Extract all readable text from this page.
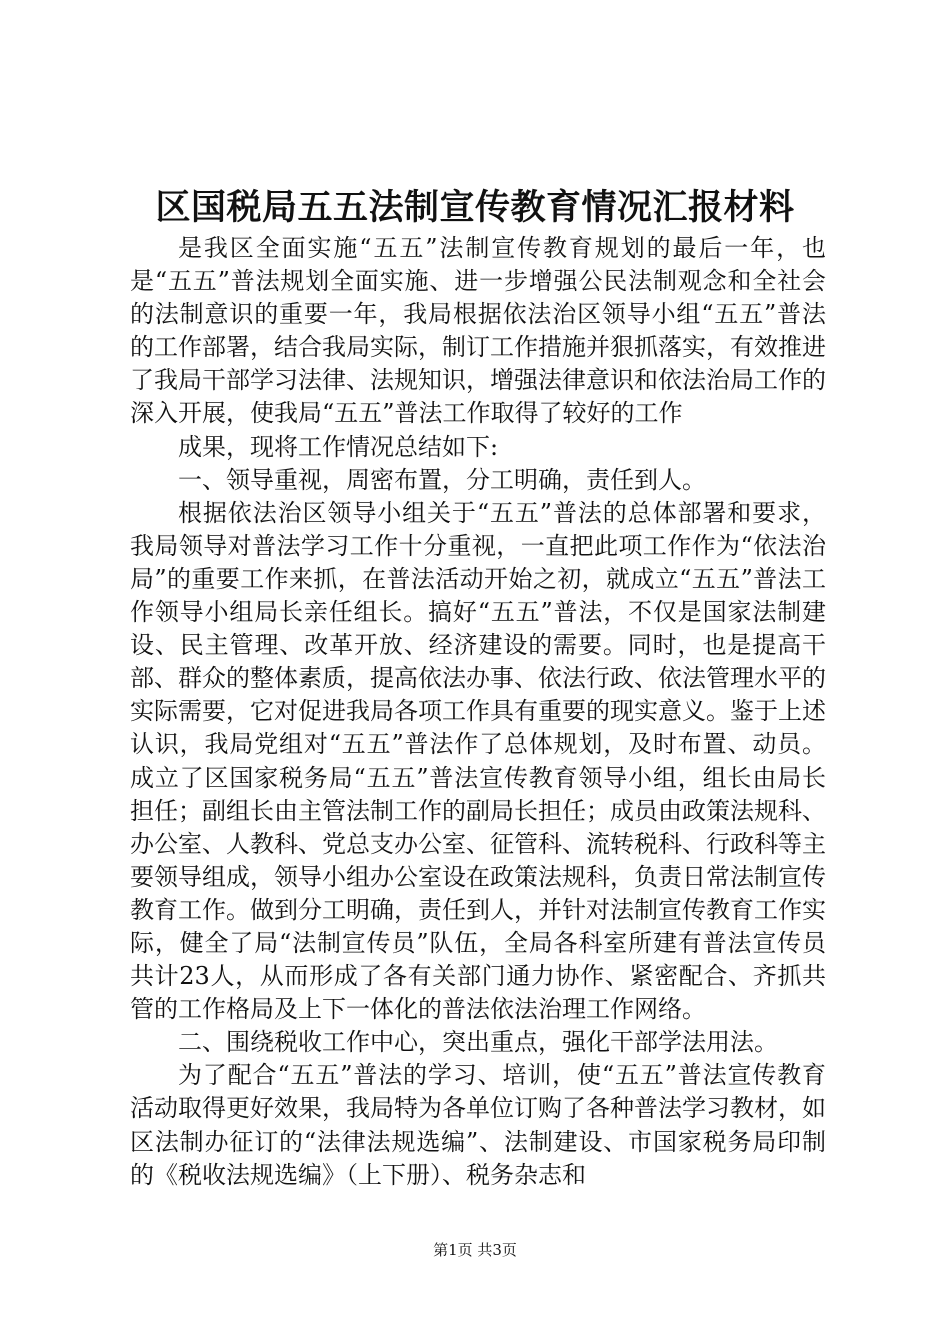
区国税局五五法制宣传教育情况汇报材料

是我区全面实施“五五”法制宣传教育规划的最后一年，也是“五五”普法规划全面实施、进一步增强公民法制观念和全社会的法制意识的重要一年，我局根据依法治区领导小组“五五”普法的工作部署，结合我局实际，制订工作措施并狠抓落实，有效推进了我局干部学习法律、法规知识，增强法律意识和依法治局工作的深入开展，使我局“五五”普法工作取得了较好的工作

成果，现将工作情况总结如下:

一、领导重视，周密布置，分工明确，责任到人。

根据依法治区领导小组关于“五五”普法的总体部署和要求，我局领导对普法学习工作十分重视，一直把此项工作作为“依法治局”的重要工作来抓，在普法活动开始之初，就成立“五五”普法工作领导小组局长亲任组长。搞好“五五”普法，不仅是国家法制建设、民主管理、改革开放、经济建设的需要。同时，也是提高干部、群众的整体素质，提高依法办事、依法行政、依法管理水平的实际需要，它对促进我局各项工作具有重要的现实意义。鉴于上述认识，我局党组对“五五”普法作了总体规划，及时布置、动员。成立了区国家税务局“五五”普法宣传教育领导小组，组长由局长担任；副组长由主管法制工作的副局长担任；成员由政策法规科、办公室、人教科、党总支办公室、征管科、流转税科、行政科等主要领导组成，领导小组办公室设在政策法规科，负责日常法制宣传教育工作。做到分工明确，责任到人，并针对法制宣传教育工作实际，健全了局“法制宣传员”队伍，全局各科室所建有普法宣传员共计23人，从而形成了各有关部门通力协作、紧密配合、齐抓共管的工作格局及上下一体化的普法依法治理工作网络。

二、围绕税收工作中心，突出重点，强化干部学法用法。

为了配合“五五”普法的学习、培训，使“五五”普法宣传教育活动取得更好效果，我局特为各单位订购了各种普法学习教材，如区法制办征订的“法律法规选编”、法制建设、市国家税务局印制的《税收法规选编》（上下册）、税务杂志和

第1页 共3页
